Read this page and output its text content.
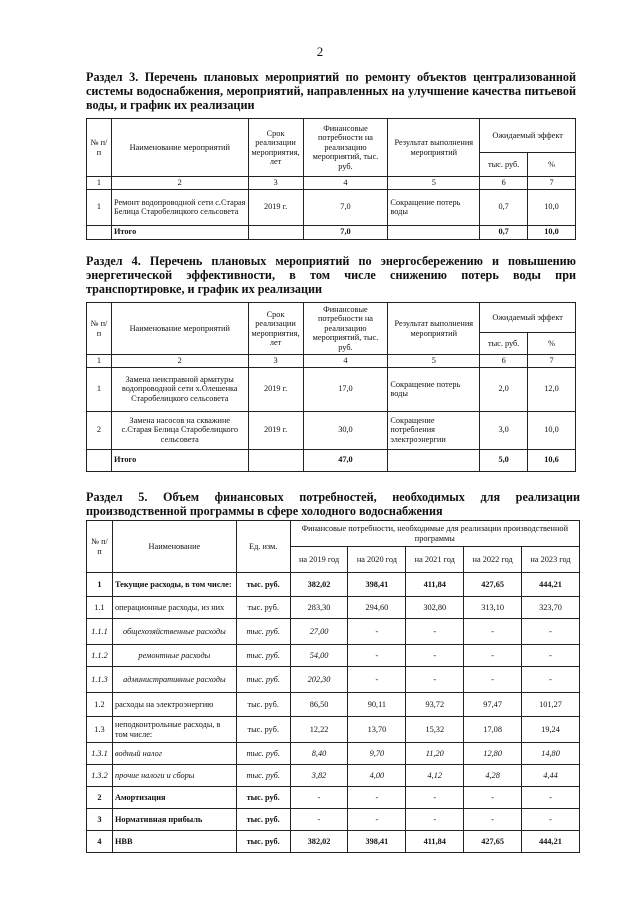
2
Раздел 3. Перечень плановых мероприятий по ремонту объектов централизованной системы водоснабжения, мероприятий, направленных на улучшение качества питьевой воды, и график их реализации
№ п/п	Наименование мероприятий	Срок реализации мероприятия, лет	Финансовые потребности на реализацию мероприятий, тыс. руб.	Результат выполнения мероприятий	Ожидаемый эффект	
					тыс. руб.	%
1	2	3	4	5	6	7
1	Ремонт водопроводной сети с.Старая Белица Старобелицкого сельсовета	2019 г.	7,0	Сокращение потерь воды	0,7	10,0
	Итого		7,0		0,7	10,0
Раздел 4. Перечень плановых мероприятий по энергосбережению и повышению энергетической эффективности, в том числе снижению потерь воды при транспортировке, и график их реализации
№ п/п	Наименование мероприятий	Срок реализации мероприятия, лет	Финансовые потребности на реализацию мероприятий, тыс. руб.	Результат выполнения мероприятий	Ожидаемый эффект	
					тыс. руб.	%
1	2	3	4	5	6	7
1	Замена неисправной арматуры водопроводной сети х.Олешенка Старобелицкого сельсовета	2019 г.	17,0	Сокращение потерь воды	2,0	12,0
2	Замена насосов на скважине с.Старая Белица Старобелицкого сельсовета	2019 г.	30,0	Сокращение потребления электроэнергии	3,0	10,0
	Итого		47,0		5,0	10,6
Раздел 5. Объем финансовых потребностей, необходимых для реализации производственной программы в сфере холодного водоснабжения
№ п/п	Наименование	Ед. изм.	Финансовые потребности, необходимые для реализации производственной программы				
			на 2019 год	на 2020 год	на 2021 год	на 2022 год	на 2023 год
1	Текущие расходы, в том числе:	тыс. руб.	382,02	398,41	411,84	427,65	444,21
1.1	операционные расходы, из них	тыс. руб.	283,30	294,60	302,80	313,10	323,70
1.1.1	общехозяйственные расходы	тыс. руб.	27,00	-	-	-	-
1.1.2	ремонтные расходы	тыс. руб.	54,00	-	-	-	-
1.1.3	административные расходы	тыс. руб.	202,30	-	-	-	-
1.2	расходы на электроэнергию	тыс. руб.	86,50	90,11	93,72	97,47	101,27
1.3	неподконтрольные расходы, в том числе:	тыс. руб.	12,22	13,70	15,32	17,08	19,24
1.3.1	водный налог	тыс. руб.	8,40	9,70	11,20	12,80	14,80
1.3.2	прочие налоги и сборы	тыс. руб.	3,82	4,00	4,12	4,28	4,44
2	Амортизация	тыс. руб.	-	-	-	-	-
3	Нормативная прибыль	тыс. руб.	-	-	-	-	-
4	НВВ	тыс. руб.	382,02	398,41	411,84	427,65	444,21
